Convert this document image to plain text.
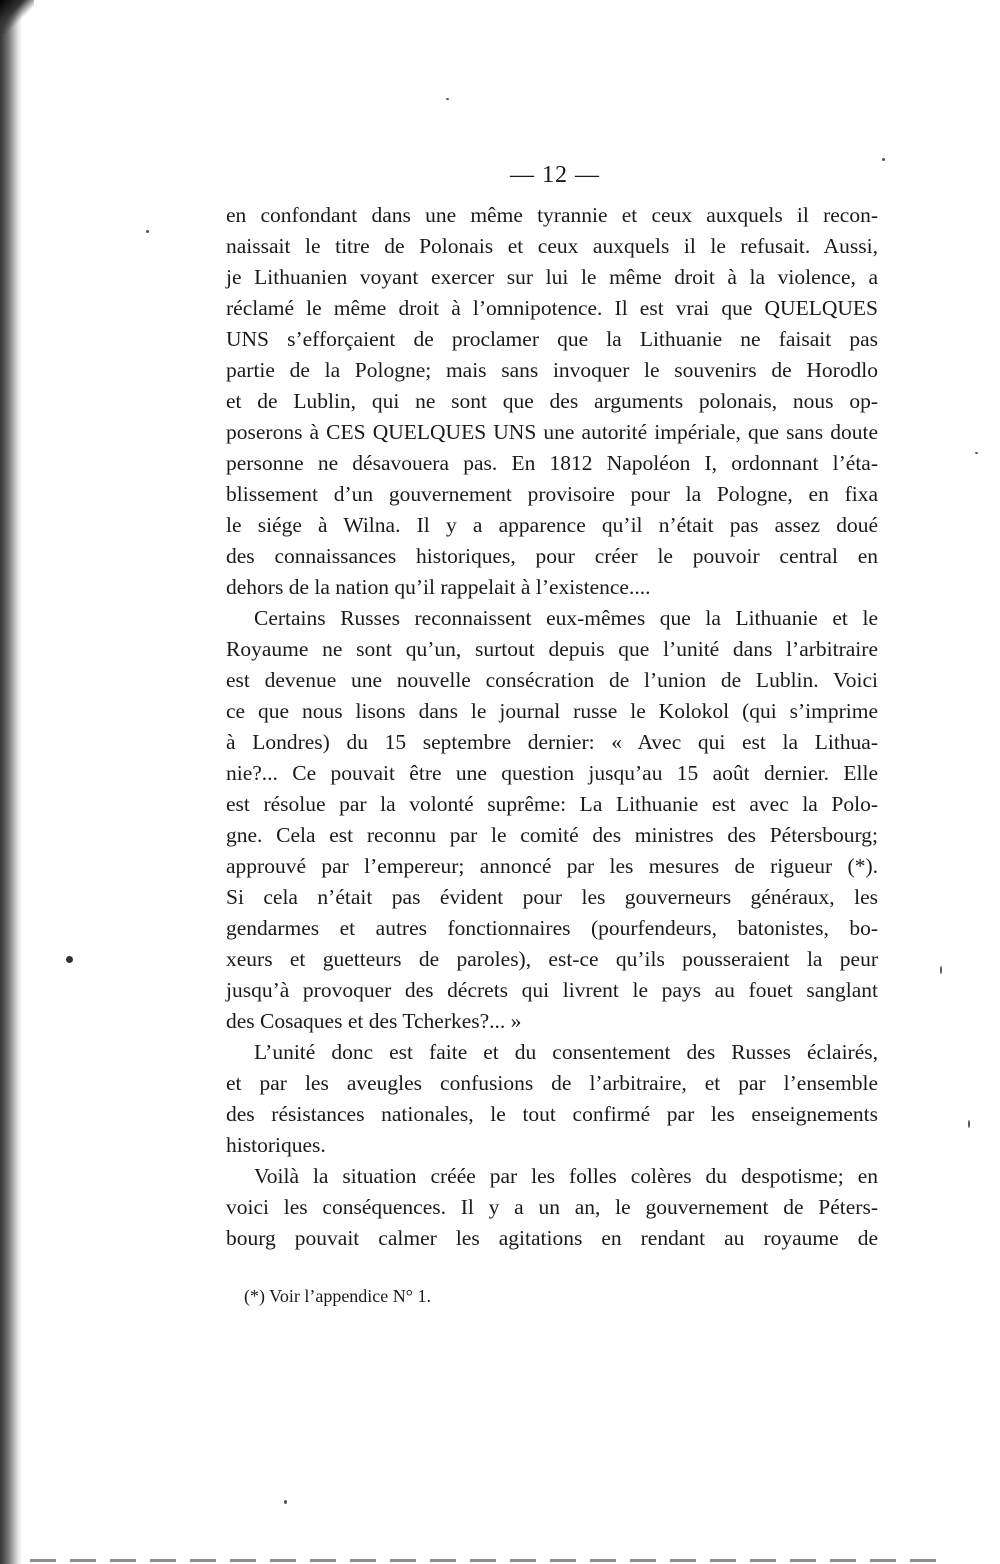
— 12 —
en confondant dans une même tyrannie et ceux auxquels il recon‑
naissait le titre de Polonais et ceux auxquels il le refusait. Aussi,
je Lithuanien voyant exercer sur lui le même droit à la violence, a
réclamé le même droit à l’omnipotence. Il est vrai que QUELQUES
UNS s’efforçaient de proclamer que la Lithuanie ne faisait pas
partie de la Pologne; mais sans invoquer le souvenirs de Horodlo
et de Lublin, qui ne sont que des arguments polonais, nous op-
poserons à CES QUELQUES UNS une autorité impériale, que sans doute
personne ne désavouera pas. En 1812 Napoléon I, ordonnant l’éta-
blissement d’un gouvernement provisoire pour la Pologne, en fixa
le siége à Wilna. Il y a apparence qu’il n’était pas assez doué
des connaissances historiques, pour créer le pouvoir central en
dehors de la nation qu’il rappelait à l’existence....
Certains Russes reconnaissent eux-mêmes que la Lithuanie et le
Royaume ne sont qu’un, surtout depuis que l’unité dans l’arbitraire
est devenue une nouvelle consécration de l’union de Lublin. Voici
ce que nous lisons dans le journal russe le Kolokol (qui s’imprime
à Londres) du 15 septembre dernier: « Avec qui est la Lithua-
nie?... Ce pouvait être une question jusqu’au 15 août dernier. Elle
est résolue par la volonté suprême: La Lithuanie est avec la Polo-
gne. Cela est reconnu par le comité des ministres des Pétersbourg;
approuvé par l’empereur; annoncé par les mesures de rigueur (*).
Si cela n’était pas évident pour les gouverneurs généraux, les
gendarmes et autres fonctionnaires (pourfendeurs, batonistes, bo-
xeurs et guetteurs de paroles), est-ce qu’ils pousseraient la peur
jusqu’à provoquer des décrets qui livrent le pays au fouet sanglant
des Cosaques et des Tcherkes?... »
L’unité donc est faite et du consentement des Russes éclairés,
et par les aveugles confusions de l’arbitraire, et par l’ensemble
des résistances nationales, le tout confirmé par les enseignements
historiques.
Voilà la situation créée par les folles colères du despotisme; en
voici les conséquences. Il y a un an, le gouvernement de Péters-
bourg pouvait calmer les agitations en rendant au royaume de
(*) Voir l’appendice N° 1.
